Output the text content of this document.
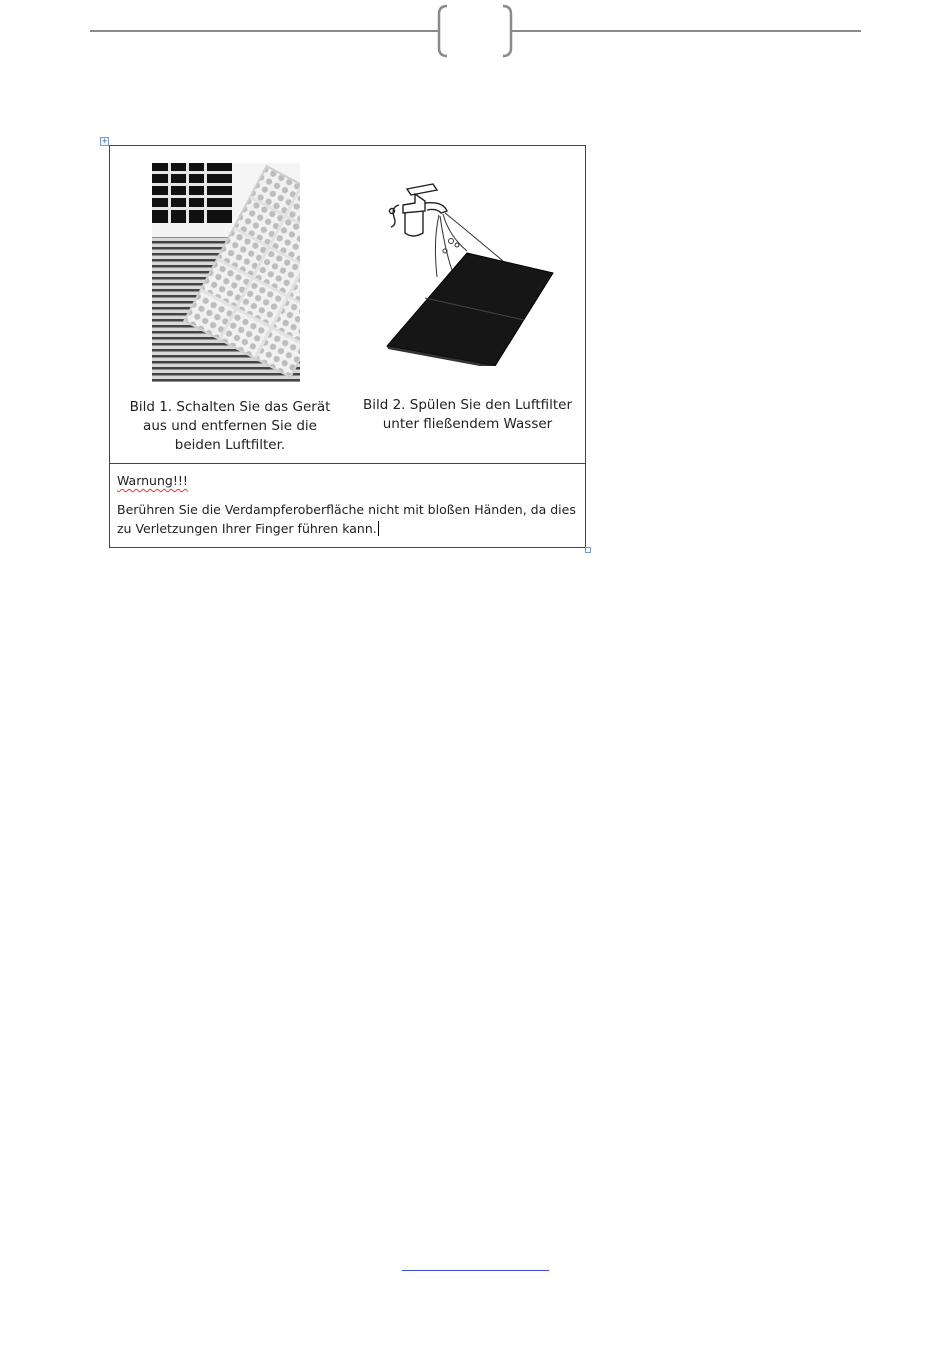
+
Bild 1. Schalten Sie das Gerät aus und entfernen Sie die beiden Luftfilter.
Bild 2. Spülen Sie den Luftfilter unter fließendem Wasser

Warnung!!!

Berühren Sie die Verdampferoberfläche nicht mit bloßen Händen, da dies zu Verletzungen Ihrer Finger führen kann.
